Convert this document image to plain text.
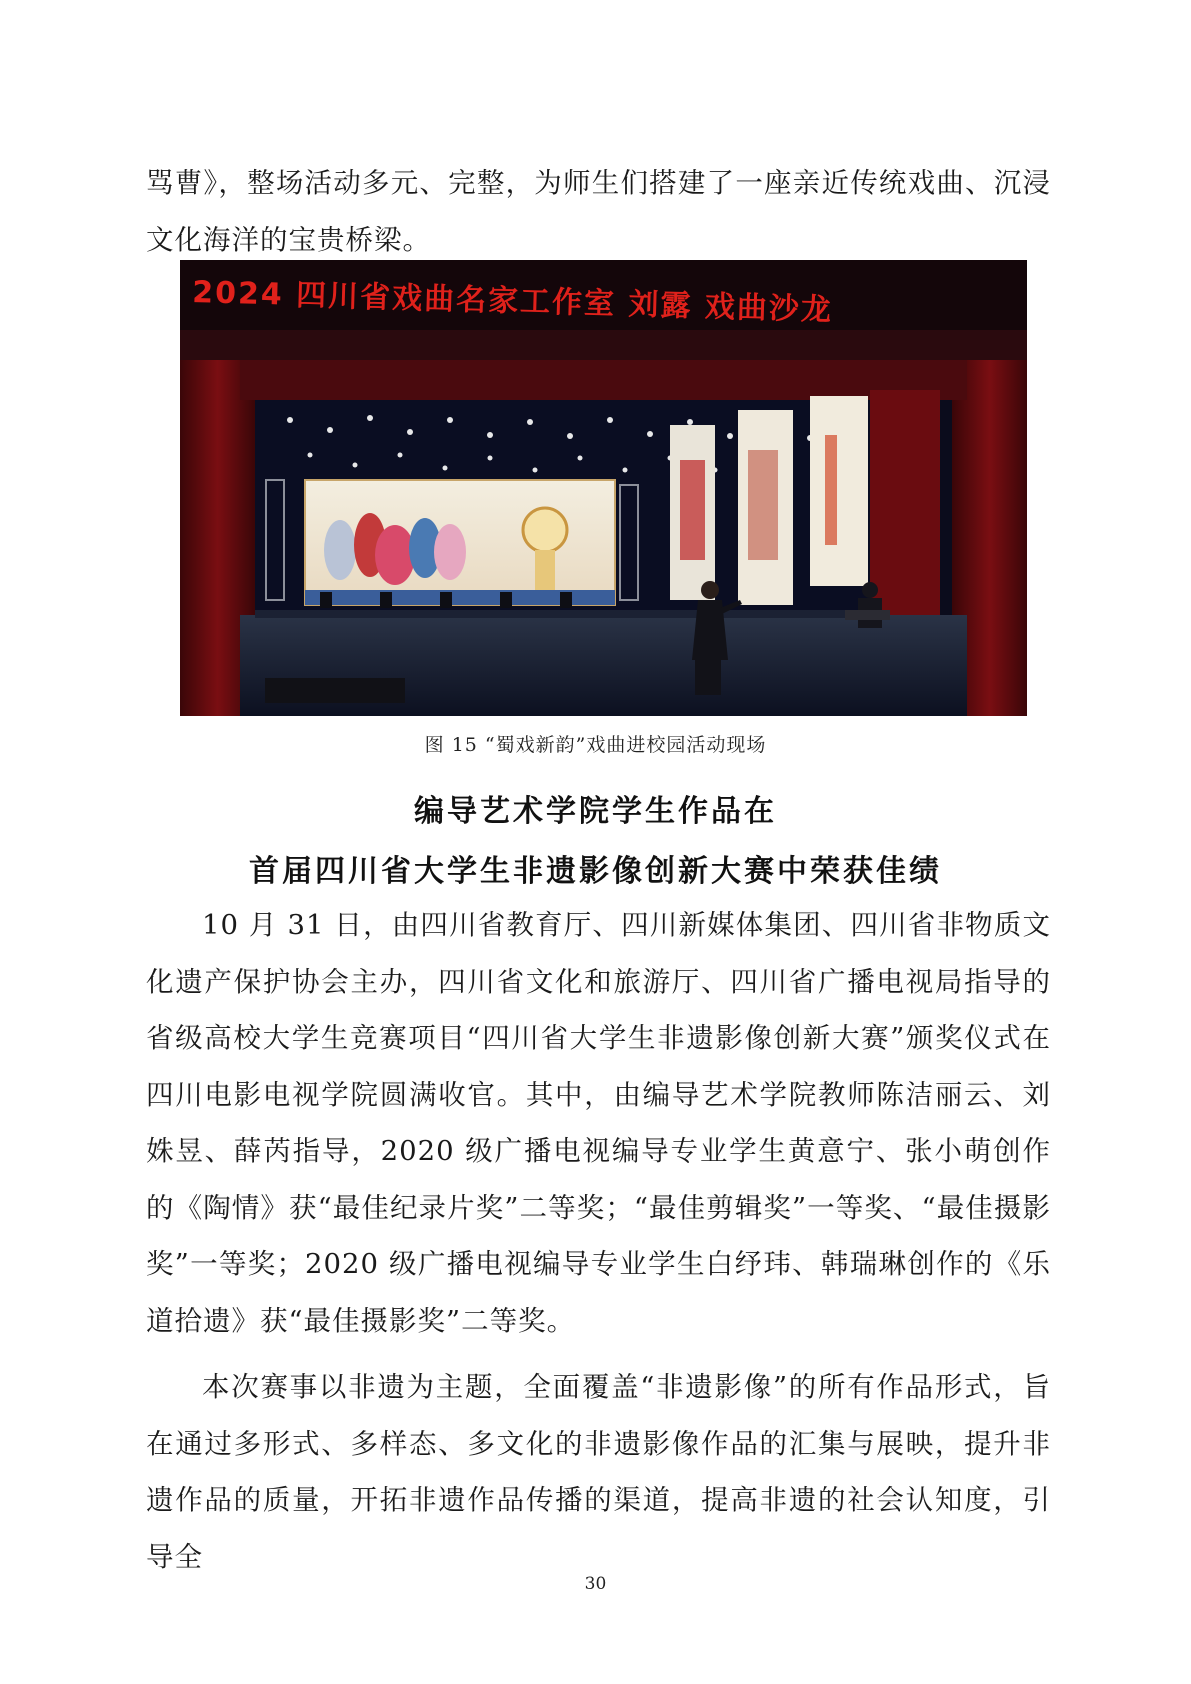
骂曹》，整场活动多元、完整，为师生们搭建了一座亲近传统戏曲、沉浸文化海洋的宝贵桥梁。

2024 四川省戏曲名家工作室 刘露 戏曲沙龙
图 15 “蜀戏新韵”戏曲进校园活动现场
编导艺术学院学生作品在
首届四川省大学生非遗影像创新大赛中荣获佳绩

10 月 31 日，由四川省教育厅、四川新媒体集团、四川省非物质文化遗产保护协会主办，四川省文化和旅游厅、四川省广播电视局指导的省级高校大学生竞赛项目“四川省大学生非遗影像创新大赛”颁奖仪式在四川电影电视学院圆满收官。其中，由编导艺术学院教师陈洁丽云、刘姝昱、薛芮指导，2020 级广播电视编导专业学生黄意宁、张小萌创作的《陶情》获“最佳纪录片奖”二等奖；“最佳剪辑奖”一等奖、“最佳摄影奖”一等奖；2020 级广播电视编导专业学生白纾玮、韩瑞琳创作的《乐道拾遗》获“最佳摄影奖”二等奖。

本次赛事以非遗为主题，全面覆盖“非遗影像”的所有作品形式，旨在通过多形式、多样态、多文化的非遗影像作品的汇集与展映，提升非遗作品的质量，开拓非遗作品传播的渠道，提高非遗的社会认知度，引导全

30
